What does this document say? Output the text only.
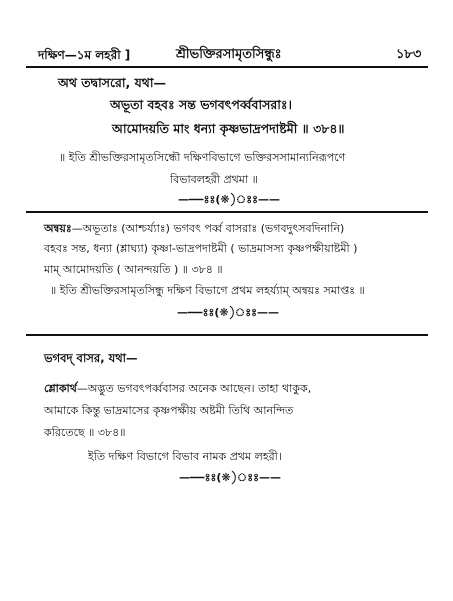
দক্ষিণ—১ম লহরী ]	শ্রীভক্তিরসামৃতসিন্ধুঃ	১৮৩
অথ তদ্বাসরো, যথা—
অভূতা বহবঃ সন্ত ভগবৎপর্ব্ববাসরাঃ।
আমোদয়তি মাং ধন্যা কৃষ্ণভাদ্রপদাষ্টমী ॥ ৩৮৪॥
॥ ইতি শ্রীভক্তিরসামৃতসিন্ধৌ দক্ষিণবিভাগে ভক্তিরসসামান্যনিরূপণে
বিভাবলহরী প্রথমা ॥
——ঃঃ(❋)ঃঃ——
অন্বয়ঃ—অভূতাঃ (আশ্চর্য্যাঃ) ভগবৎ পর্ব্ব বাসরাঃ (ভগবদুৎসবদিনানি)
বহবঃ সন্ত, ধন্যা (শ্লাঘ্যা) কৃষ্ণা-ভাদ্রপদাষ্টমী ( ভাদ্রমাসস্য কৃষ্ণপক্ষীয়াষ্টমী )
মাম্ আমোদয়তি ( আনন্দয়তি ) ॥ ৩৮৪ ॥
॥ ইতি শ্রীভক্তিরসামৃতসিন্ধু দক্ষিণ বিভাগে প্রথম লহর্য্যাম্ অন্বয়ঃ সমাপ্তঃ ॥
——ঃঃ(❋)ঃঃ——
ভগবদ্ বাসর, যথা—
শ্লোকার্থ—অদ্ভুত ভগবৎপর্ব্ববাসর অনেক আছেন। তাহা থাকুক,
আমাকে কিন্তু ভাদ্রমাসের কৃষ্ণপক্ষীয় অষ্টমী তিথি আনন্দিত
করিতেছে ॥ ৩৮৪॥
ইতি দক্ষিণ বিভাগে বিভাব নামক প্রথম লহরী।
——ঃঃ(❋)ঃঃ——
